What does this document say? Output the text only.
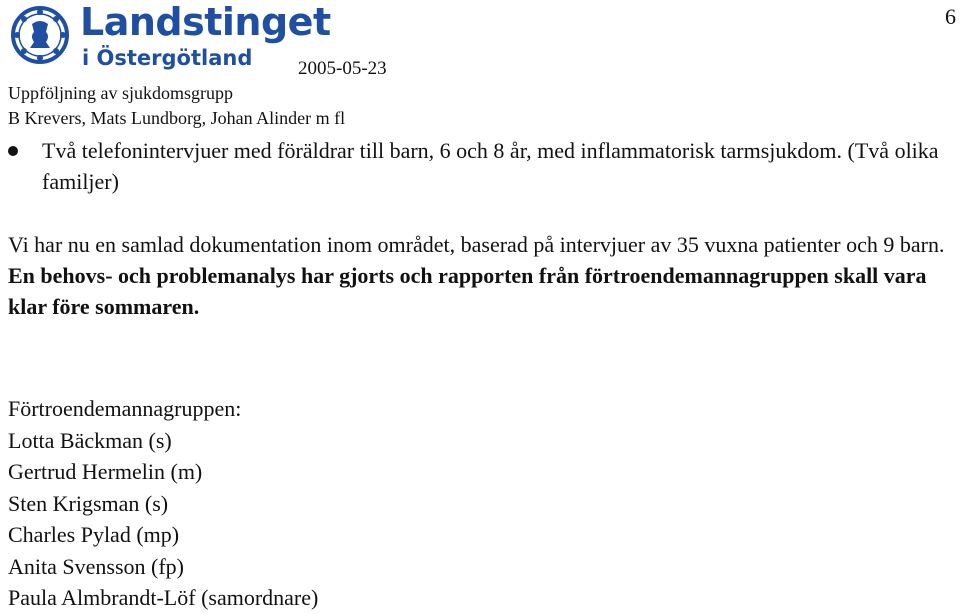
Landstinget
i Östergötland 2005-05-23
6
Uppföljning av sjukdomsgrupp
B Krevers, Mats Lundborg, Johan Alinder m fl
Två telefonintervjuer med föräldrar till barn, 6 och 8 år, med inflammatorisk tarmsjukdom. (Två olika familjer)
Vi har nu en samlad dokumentation inom området, baserad på intervjuer av 35 vuxna patienter och 9 barn. En behovs- och problemanalys har gjorts och rapporten från förtroendemannagruppen skall vara klar före sommaren.
Förtroendemannagruppen:
Lotta Bäckman (s)
Gertrud Hermelin (m)
Sten Krigsman (s)
Charles Pylad (mp)
Anita Svensson (fp)
Paula Almbrandt-Löf (samordnare)
